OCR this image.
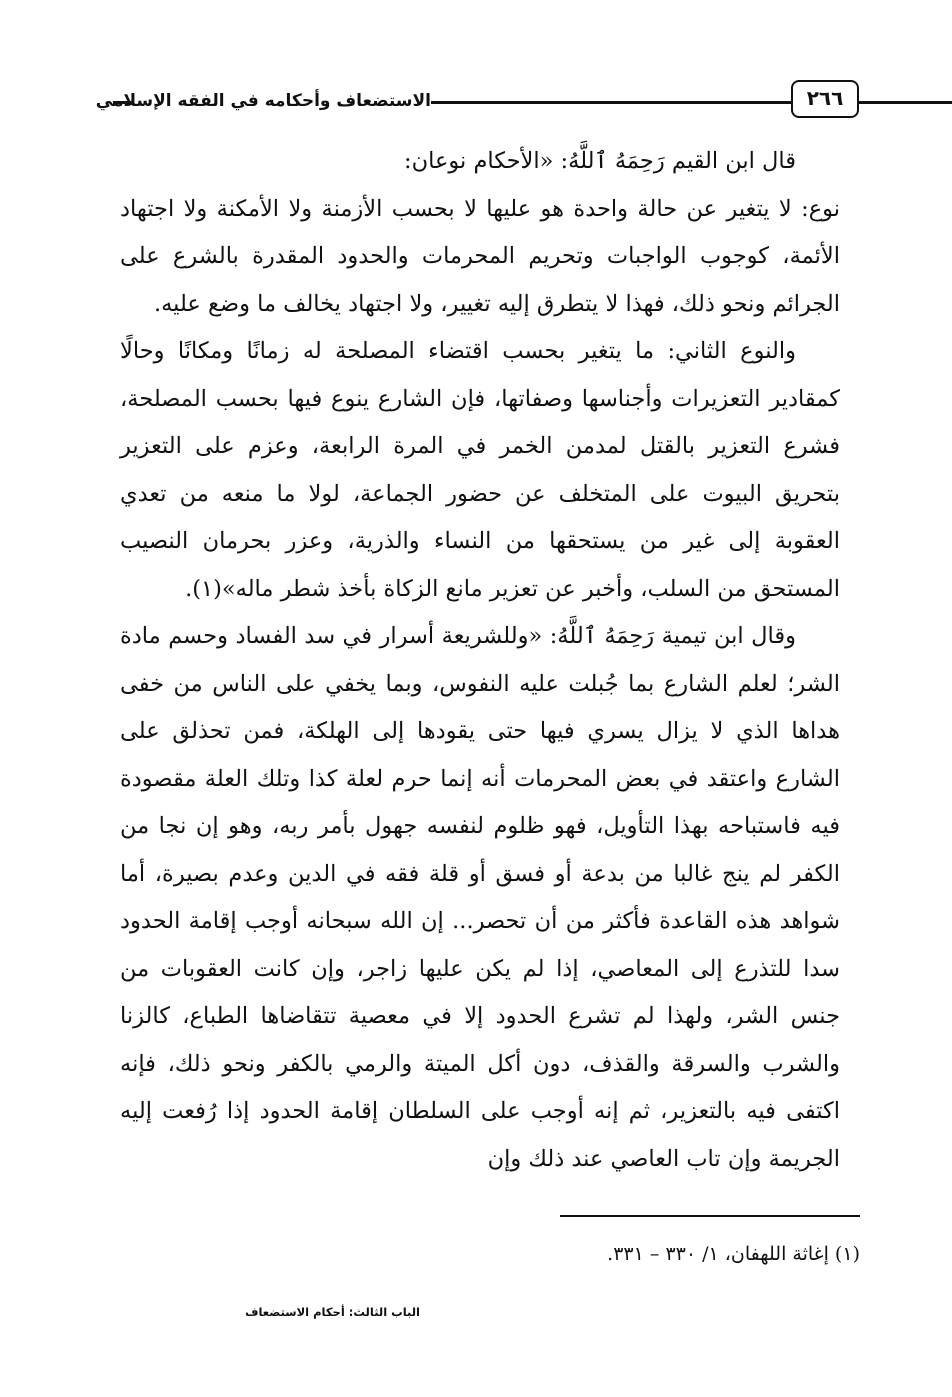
الاستضعاف وأحكامه في الفقه الإسلامي	٢٦٦

قال ابن القيم رَحِمَهُ ٱللَّهُ: «الأحكام نوعان:

نوع: لا يتغير عن حالة واحدة هو عليها لا بحسب الأزمنة ولا الأمكنة ولا اجتهاد الأئمة، كوجوب الواجبات وتحريم المحرمات والحدود المقدرة بالشرع على الجرائم ونحو ذلك، فهذا لا يتطرق إليه تغيير، ولا اجتهاد يخالف ما وضع عليه.

والنوع الثاني: ما يتغير بحسب اقتضاء المصلحة له زمانًا ومكانًا وحالًا كمقادير التعزيرات وأجناسها وصفاتها، فإن الشارع ينوع فيها بحسب المصلحة، فشرع التعزير بالقتل لمدمن الخمر في المرة الرابعة، وعزم على التعزير بتحريق البيوت على المتخلف عن حضور الجماعة، لولا ما منعه من تعدي العقوبة إلى غير من يستحقها من النساء والذرية، وعزر بحرمان النصيب المستحق من السلب، وأخبر عن تعزير مانع الزكاة بأخذ شطر ماله»(١).

وقال ابن تيمية رَحِمَهُ ٱللَّهُ: «وللشريعة أسرار في سد الفساد وحسم مادة الشر؛ لعلم الشارع بما جُبلت عليه النفوس، وبما يخفي على الناس من خفى هداها الذي لا يزال يسري فيها حتى يقودها إلى الهلكة، فمن تحذلق على الشارع واعتقد في بعض المحرمات أنه إنما حرم لعلة كذا وتلك العلة مقصودة فيه فاستباحه بهذا التأويل، فهو ظلوم لنفسه جهول بأمر ربه، وهو إن نجا من الكفر لم ينج غالبا من بدعة أو فسق أو قلة فقه في الدين وعدم بصيرة، أما شواهد هذه القاعدة فأكثر من أن تحصر... إن الله سبحانه أوجب إقامة الحدود سدا للتذرع إلى المعاصي، إذا لم يكن عليها زاجر، وإن كانت العقوبات من جنس الشر، ولهذا لم تشرع الحدود إلا في معصية تتقاضاها الطباع، كالزنا والشرب والسرقة والقذف، دون أكل الميتة والرمي بالكفر ونحو ذلك، فإنه اكتفى فيه بالتعزير، ثم إنه أوجب على السلطان إقامة الحدود إذا رُفعت إليه الجريمة وإن تاب العاصي عند ذلك وإن

(١) إغاثة اللهفان، ١/ ٣٣٠ – ٣٣١.
الباب الثالث: أحكام الاستضعاف
